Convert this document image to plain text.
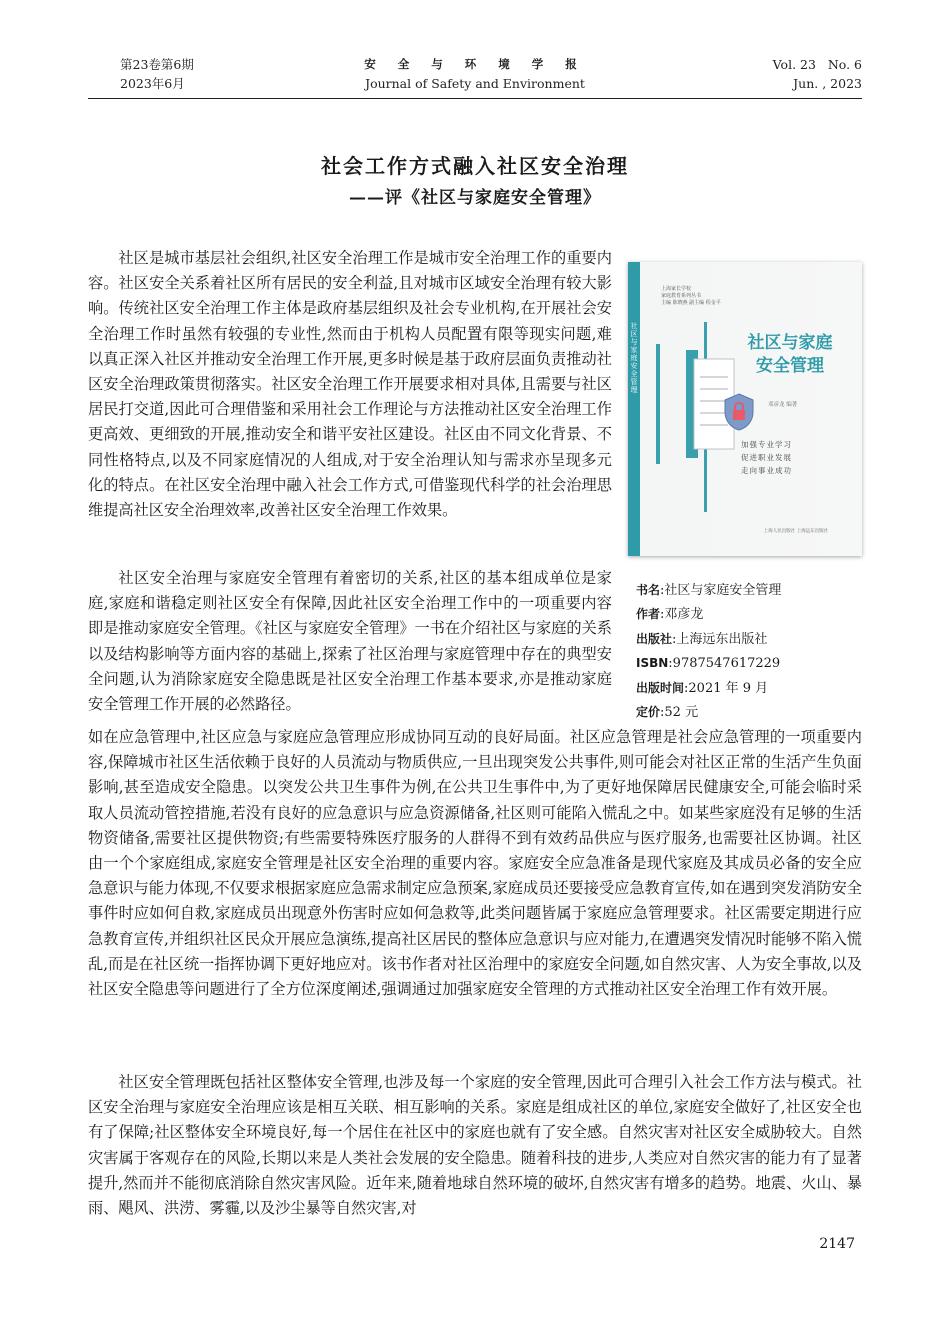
第23卷第6期
2023年6月
安 全 与 环 境 学 报
Journal of Safety and Environment
Vol. 23   No. 6
Jun. , 2023
社会工作方式融入社区安全治理
——评《社区与家庭安全管理》

社区是城市基层社会组织,社区安全治理工作是城市安全治理工作的重要内容。社区安全关系着社区所有居民的安全利益,且对城市区域安全治理有较大影响。传统社区安全治理工作主体是政府基层组织及社会专业机构,在开展社会安全治理工作时虽然有较强的专业性,然而由于机构人员配置有限等现实问题,难以真正深入社区并推动安全治理工作开展,更多时候是基于政府层面负责推动社区安全治理政策贯彻落实。社区安全治理工作开展要求相对具体,且需要与社区居民打交道,因此可合理借鉴和采用社会工作理论与方法推动社区安全治理工作更高效、更细致的开展,推动安全和谐平安社区建设。社区由不同文化背景、不同性格特点,以及不同家庭情况的人组成,对于安全治理认知与需求亦呈现多元化的特点。在社区安全治理中融入社会工作方式,可借鉴现代科学的社会治理思维提高社区安全治理效率,改善社区安全治理工作效果。

社区安全治理与家庭安全管理有着密切的关系,社区的基本组成单位是家庭,家庭和谐稳定则社区安全有保障,因此社区安全治理工作中的一项重要内容即是推动家庭安全管理。《社区与家庭安全管理》一书在介绍社区与家庭的关系以及结构影响等方面内容的基础上,探索了社区治理与家庭管理中存在的典型安全问题,认为消除家庭安全隐患既是社区安全治理工作基本要求,亦是推动家庭安全管理工作开展的必然路径。

如在应急管理中,社区应急与家庭应急管理应形成协同互动的良好局面。社区应急管理是社会应急管理的一项重要内容,保障城市社区生活依赖于良好的人员流动与物质供应,一旦出现突发公共事件,则可能会对社区正常的生活产生负面影响,甚至造成安全隐患。以突发公共卫生事件为例,在公共卫生事件中,为了更好地保障居民健康安全,可能会临时采取人员流动管控措施,若没有良好的应急意识与应急资源储备,社区则可能陷入慌乱之中。如某些家庭没有足够的生活物资储备,需要社区提供物资;有些需要特殊医疗服务的人群得不到有效药品供应与医疗服务,也需要社区协调。社区由一个个家庭组成,家庭安全管理是社区安全治理的重要内容。家庭安全应急准备是现代家庭及其成员必备的安全应急意识与能力体现,不仅要求根据家庭应急需求制定应急预案,家庭成员还要接受应急教育宣传,如在遇到突发消防安全事件时应如何自救,家庭成员出现意外伤害时应如何急救等,此类问题皆属于家庭应急管理要求。社区需要定期进行应急教育宣传,并组织社区民众开展应急演练,提高社区居民的整体应急意识与应对能力,在遭遇突发情况时能够不陷入慌乱,而是在社区统一指挥协调下更好地应对。该书作者对社区治理中的家庭安全问题,如自然灾害、人为安全事故,以及社区安全隐患等问题进行了全方位深度阐述,强调通过加强家庭安全管理的方式推动社区安全治理工作有效开展。

社区安全管理既包括社区整体安全管理,也涉及每一个家庭的安全管理,因此可合理引入社会工作方法与模式。社区安全治理与家庭安全治理应该是相互关联、相互影响的关系。家庭是组成社区的单位,家庭安全做好了,社区安全也有了保障;社区整体安全环境良好,每一个居住在社区中的家庭也就有了安全感。自然灾害对社区安全威胁较大。自然灾害属于客观存在的风险,长期以来是人类社会发展的安全隐患。随着科技的进步,人类应对自然灾害的能力有了显著提升,然而并不能彻底消除自然灾害风险。近年来,随着地球自然环境的破坏,自然灾害有增多的趋势。地震、火山、暴雨、飓风、洪涝、雾霾,以及沙尘暴等自然灾害,对

社区与家庭安全管理
上海家长学校
家庭教育系列丛书
主编 陈晓燕 副主编 程金平
社区与家庭
安全管理
邓彦龙 编著
加强专业学习
促进职业发展
走向事业成功
上海人民出版社 上海远东出版社
书名:社区与家庭安全管理
作者:邓彦龙
出版社:上海远东出版社
ISBN:9787547617229
出版时间:2021 年 9 月
定价:52 元
2147
